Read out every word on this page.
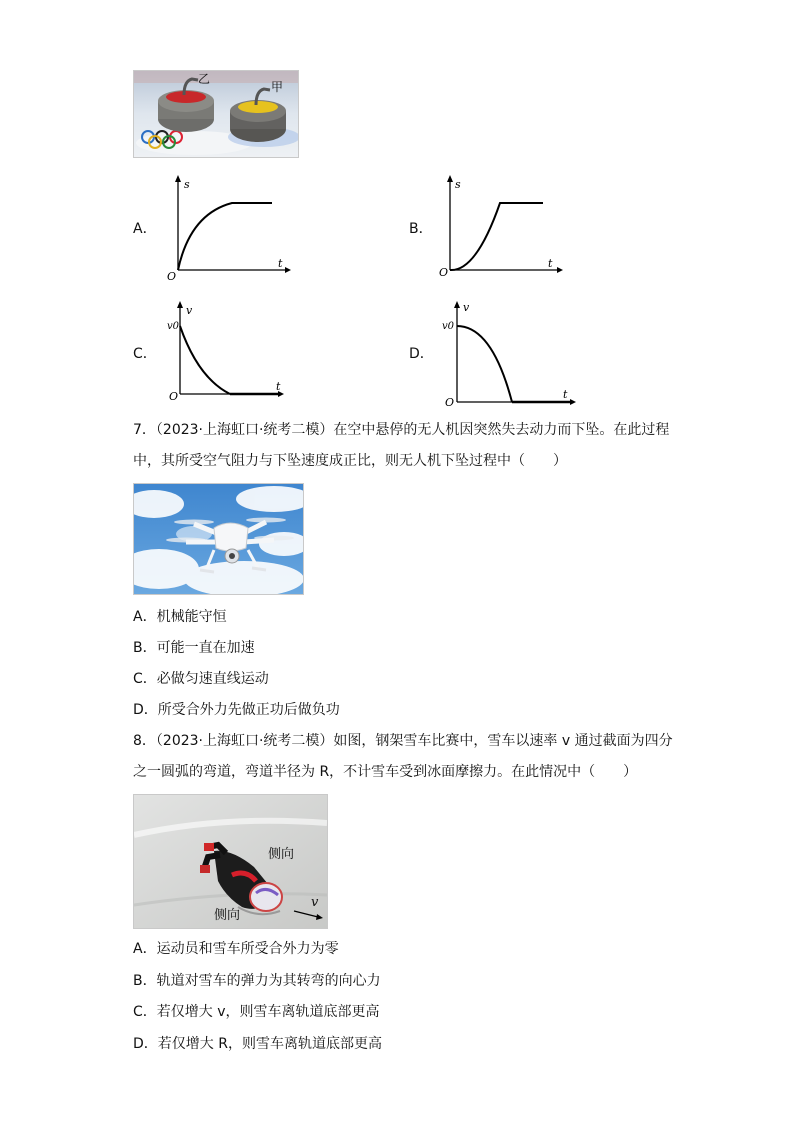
乙
甲
A．
s
t
O
B．
s
t
O
C．
v
v0
t
O
D．
v
v0
t
O
7．（2023·上海虹口·统考二模）在空中悬停的无人机因突然失去动力而下坠。在此过程
中，其所受空气阻力与下坠速度成正比，则无人机下坠过程中（　　）
A．机械能守恒
B．可能一直在加速
C．必做匀速直线运动
D．所受合外力先做正功后做负功
8．（2023·上海虹口·统考二模）如图，钢架雪车比赛中，雪车以速率 v 通过截面为四分
之一圆弧的弯道，弯道半径为 R，不计雪车受到冰面摩擦力。在此情况中（　　）
侧向
侧向
v
A．运动员和雪车所受合外力为零
B．轨道对雪车的弹力为其转弯的向心力
C．若仅增大 v，则雪车离轨道底部更高
D．若仅增大 R，则雪车离轨道底部更高
